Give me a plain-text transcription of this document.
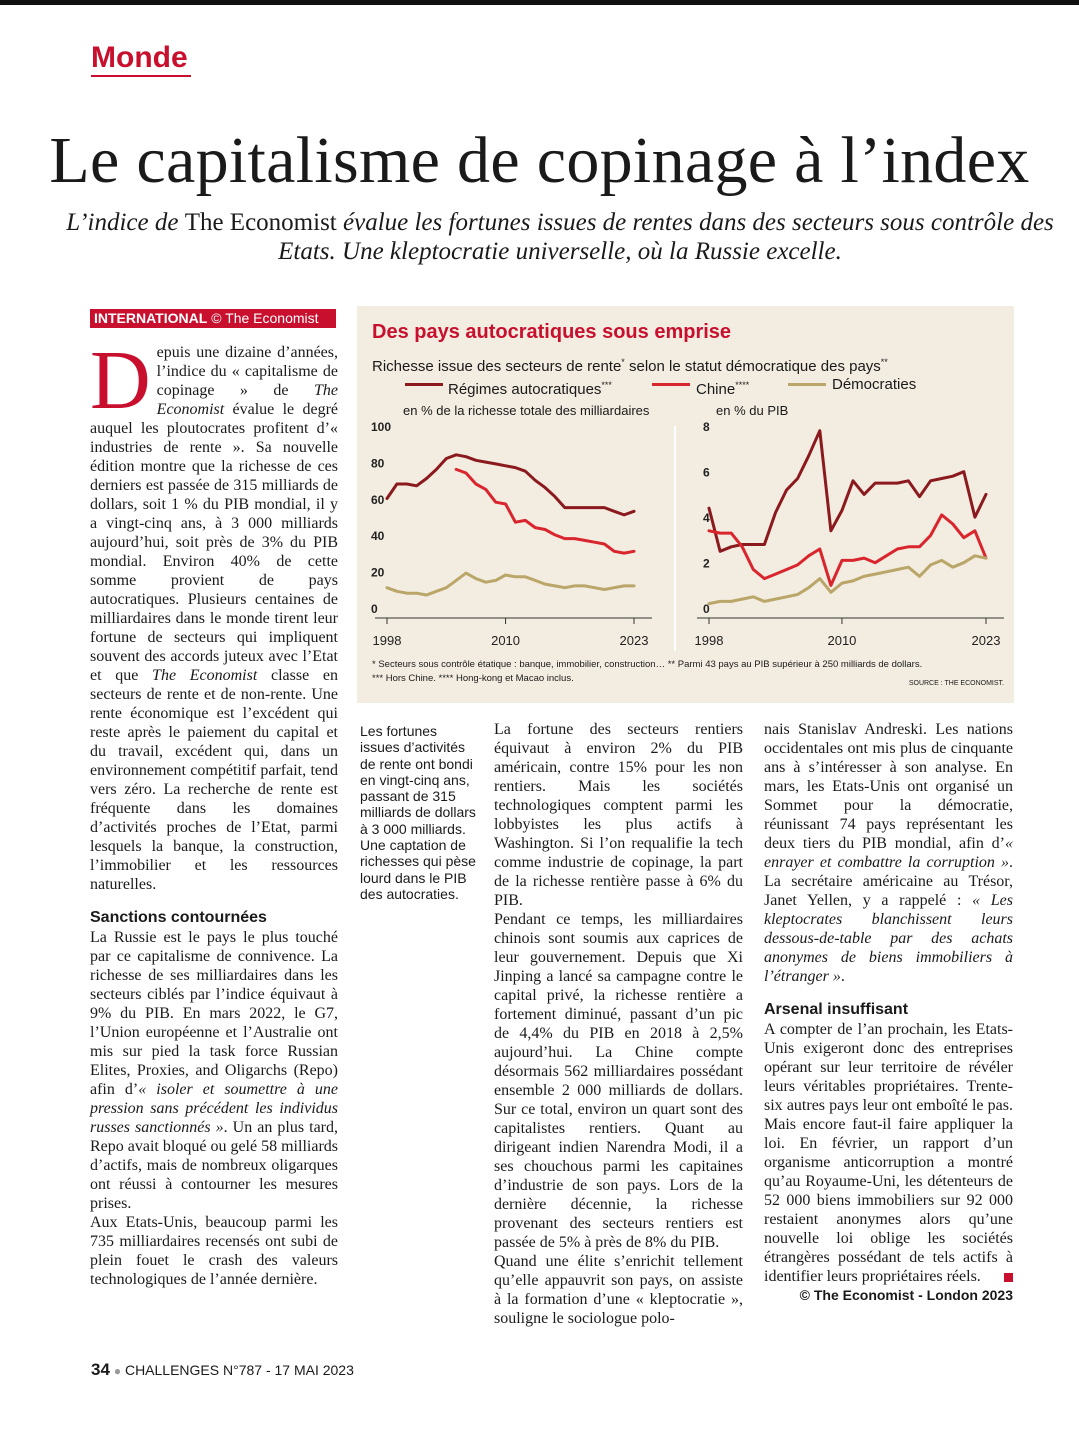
Monde
Le capitalisme de copinage à l’index
L’indice de The Economist évalue les fortunes issues de rentes dans des secteurs sous contrôle des Etats. Une kleptocratie universelle, où la Russie excelle.
INTERNATIONAL © The Economist

Depuis une dizaine d’années, l’indice du « capitalisme de copinage » de The Economist évalue le degré auquel les ploutocrates profitent d’« industries de rente ». Sa nouvelle édition montre que la richesse de ces derniers est passée de 315 milliards de dollars, soit 1 % du PIB mondial, il y a vingt-cinq ans, à 3 000 milliards aujourd’hui, soit près de 3% du PIB mondial. Environ 40% de cette somme provient de pays autocratiques. Plusieurs centaines de milliardaires dans le monde tirent leur fortune de secteurs qui impliquent souvent des accords juteux avec l’Etat et que The Economist classe en secteurs de rente et de non-rente. Une rente économique est l’excédent qui reste après le paiement du capital et du travail, excédent qui, dans un environnement compétitif parfait, tend vers zéro. La recherche de rente est fréquente dans les domaines d’activités proches de l’Etat, parmi lesquels la banque, la construction, l’immobilier et les ressources naturelles.

Sanctions contournées

La Russie est le pays le plus touché par ce capitalisme de connivence. La richesse de ses milliardaires dans les secteurs ciblés par l’indice équivaut à 9% du PIB. En mars 2022, le G7, l’Union européenne et l’Australie ont mis sur pied la task force Russian Elites, Proxies, and Oligarchs (Repo) afin d’« isoler et soumettre à une pression sans précédent les individus russes sanctionnés ». Un an plus tard, Repo avait bloqué ou gelé 58 milliards d’actifs, mais de nombreux oligarques ont réussi à contourner les mesures prises.

Aux Etats-Unis, beaucoup parmi les 735 milliardaires recensés ont subi de plein fouet le crash des valeurs technologiques de l’année dernière.

Des pays autocratiques sous emprise
Richesse issue des secteurs de rente* selon le statut démocratique des pays**
Régimes autocratiques***	Chine****	Démocraties
en % de la richesse totale des milliardaires	en % du PIB
0
20
40
60
80
100
1998	2010	2023
0
2
4
6
8
1998	2010	2023
* Secteurs sous contrôle étatique : banque, immobilier, construction… ** Parmi 43 pays au PIB supérieur à 250 milliards de dollars.
*** Hors Chine. **** Hong-kong et Macao inclus.	SOURCE : THE ECONOMIST.
Les fortunes issues d’activités de rente ont bondi en vingt-cinq ans, passant de 315 milliards de dollars à 3 000 milliards. Une captation de richesses qui pèse lourd dans le PIB des autocraties.

La fortune des secteurs rentiers équivaut à environ 2% du PIB américain, contre 15% pour les non rentiers. Mais les sociétés technologiques comptent parmi les lobbyistes les plus actifs à Washington. Si l’on requalifie la tech comme industrie de copinage, la part de la richesse rentière passe à 6% du PIB.

Pendant ce temps, les milliardaires chinois sont soumis aux caprices de leur gouvernement. Depuis que Xi Jinping a lancé sa campagne contre le capital privé, la richesse rentière a fortement diminué, passant d’un pic de 4,4% du PIB en 2018 à 2,5% aujourd’hui. La Chine compte désormais 562 milliardaires possédant ensemble 2 000 milliards de dollars. Sur ce total, environ un quart sont des capitalistes rentiers. Quant au dirigeant indien Narendra Modi, il a ses chouchous parmi les capitaines d’industrie de son pays. Lors de la dernière décennie, la richesse provenant des secteurs rentiers est passée de 5% à près de 8% du PIB.

Quand une élite s’enrichit tellement qu’elle appauvrit son pays, on assiste à la formation d’une « kleptocratie », souligne le sociologue polo-

nais Stanislav Andreski. Les nations occidentales ont mis plus de cinquante ans à s’intéresser à son analyse. En mars, les Etats-Unis ont organisé un Sommet pour la démocratie, réunissant 74 pays représentant les deux tiers du PIB mondial, afin d’« enrayer et combattre la corruption ». La secrétaire américaine au Trésor, Janet Yellen, y a rappelé : « Les kleptocrates blanchissent leurs dessous-de-table par des achats anonymes de biens immobiliers à l’étranger ».

Arsenal insuffisant

A compter de l’an prochain, les Etats-Unis exigeront donc des entreprises opérant sur leur territoire de révéler leurs véritables propriétaires. Trente-six autres pays leur ont emboîté le pas. Mais encore faut-il faire appliquer la loi. En février, un rapport d’un organisme anticorruption a montré qu’au Royaume-Uni, les détenteurs de 52 000 biens immobiliers sur 92 000 restaient anonymes alors qu’une nouvelle loi oblige les sociétés étrangères possédant de tels actifs à identifier leurs propriétaires réels.

© The Economist - London 2023
34 ● CHALLENGES N°787 - 17 MAI 2023
